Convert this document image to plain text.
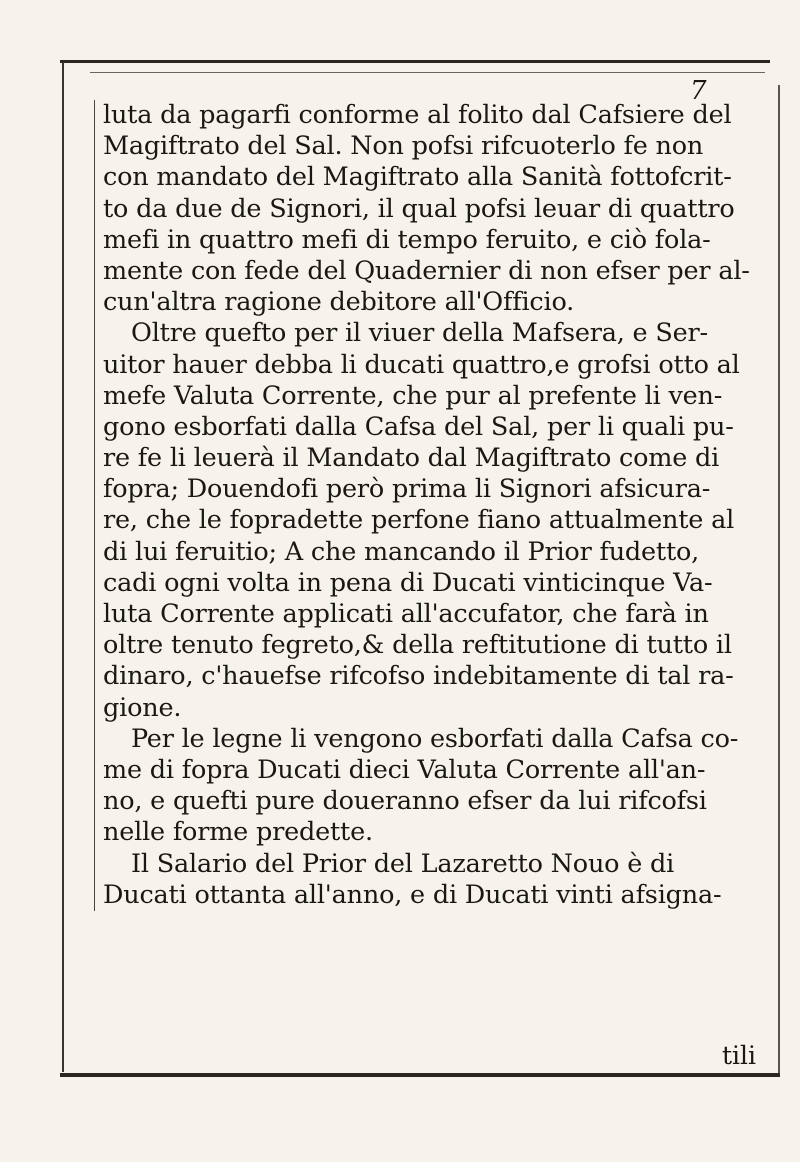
7
luta da pagarfi conforme al folito dal Cafsiere del
Magiftrato del Sal. Non pofsi rifcuoterlo fe non
con mandato del Magiftrato alla Sanità fottofcrit-
to da due de Signori, il qual pofsi leuar di quattro
mefi in quattro mefi di tempo feruito, e ciò fola-
mente con fede del Quadernier di non efser per al-
cun'altra ragione debitore all'Officio.
Oltre quefto per il viuer della Mafsera, e Ser-
uitor hauer debba li ducati quattro,e grofsi otto al
mefe Valuta Corrente, che pur al prefente li ven-
gono esborfati dalla Cafsa del Sal, per li quali pu-
re fe li leuerà il Mandato dal Magiftrato come di
fopra; Douendofi però prima li Signori afsicura-
re, che le fopradette perfone fiano attualmente al
di lui feruitio; A che mancando il Prior fudetto,
cadi ogni volta in pena di Ducati vinticinque Va-
luta Corrente applicati all'accufator, che farà in
oltre tenuto fegreto,& della reftitutione di tutto il
dinaro, c'hauefse rifcofso indebitamente di tal ra-
gione.
Per le legne li vengono esborfati dalla Cafsa co-
me di fopra Ducati dieci Valuta Corrente all'an-
no, e quefti pure doueranno efser da lui rifcofsi
nelle forme predette.
Il Salario del Prior del Lazaretto Nouo è di
Ducati ottanta all'anno, e di Ducati vinti afsigna-
tili
